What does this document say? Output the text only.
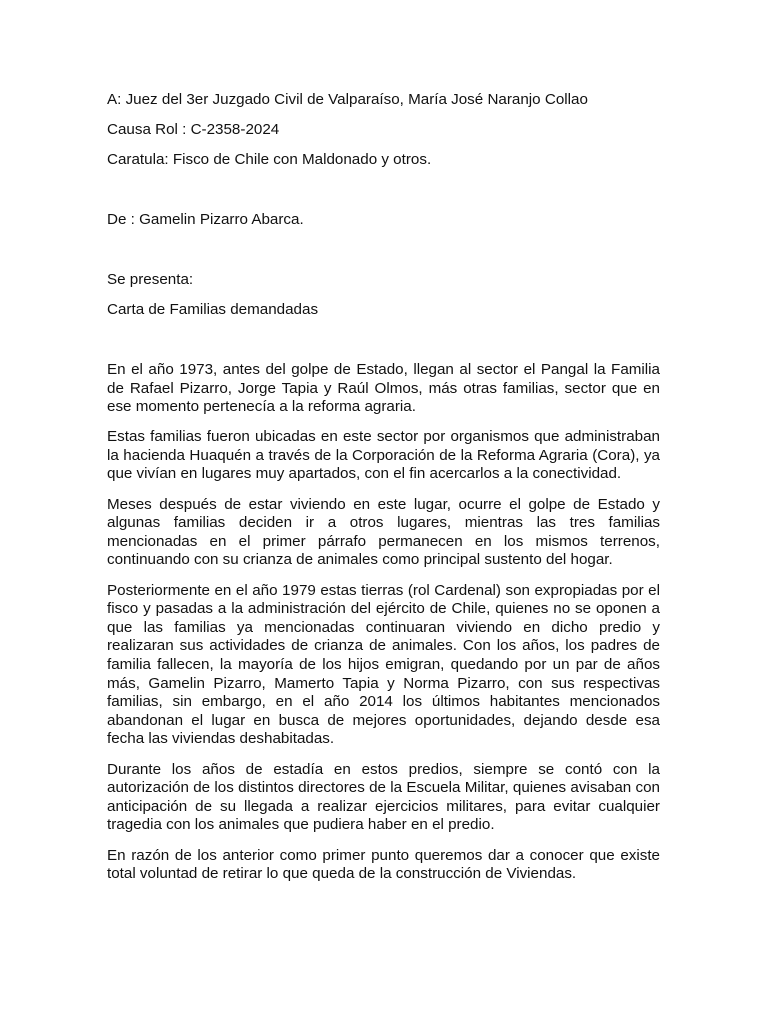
A: Juez del 3er Juzgado Civil de Valparaíso, María José Naranjo Collao

Causa Rol : C-2358-2024

Caratula: Fisco de Chile con Maldonado y otros.

De : Gamelin Pizarro Abarca.

Se presenta:

Carta de Familias demandadas

En el año 1973, antes del golpe de Estado, llegan al sector el Pangal la Familia de Rafael Pizarro, Jorge Tapia y Raúl Olmos, más otras familias, sector que en ese momento pertenecía a la reforma agraria.

Estas familias fueron ubicadas en este sector por organismos que administraban la hacienda Huaquén a través de la Corporación de la Reforma Agraria (Cora), ya que vivían en lugares muy apartados, con el fin acercarlos a la conectividad.

Meses después de estar viviendo en este lugar, ocurre el golpe de Estado y algunas familias deciden ir a otros lugares, mientras las tres familias mencionadas en el primer párrafo permanecen en los mismos terrenos, continuando con su crianza de animales como principal sustento del hogar.

Posteriormente en el año 1979 estas tierras (rol Cardenal) son expropiadas por el fisco y pasadas a la administración del ejército de Chile, quienes no se oponen a que las familias ya mencionadas continuaran viviendo en dicho predio y realizaran sus actividades de crianza de animales. Con los años, los padres de familia fallecen, la mayoría de los hijos emigran, quedando por un par de años más, Gamelin Pizarro, Mamerto Tapia y Norma Pizarro, con sus respectivas familias, sin embargo, en el año 2014 los últimos habitantes mencionados abandonan el lugar en busca de mejores oportunidades, dejando desde esa fecha las viviendas deshabitadas.

Durante los años de estadía en estos predios, siempre se contó con la autorización de los distintos directores de la Escuela Militar, quienes avisaban con anticipación de su llegada a realizar ejercicios militares, para evitar cualquier tragedia con los animales que pudiera haber en el predio.

En razón de los anterior como primer punto queremos dar a conocer que existe total voluntad de retirar lo que queda de la construcción de Viviendas.
